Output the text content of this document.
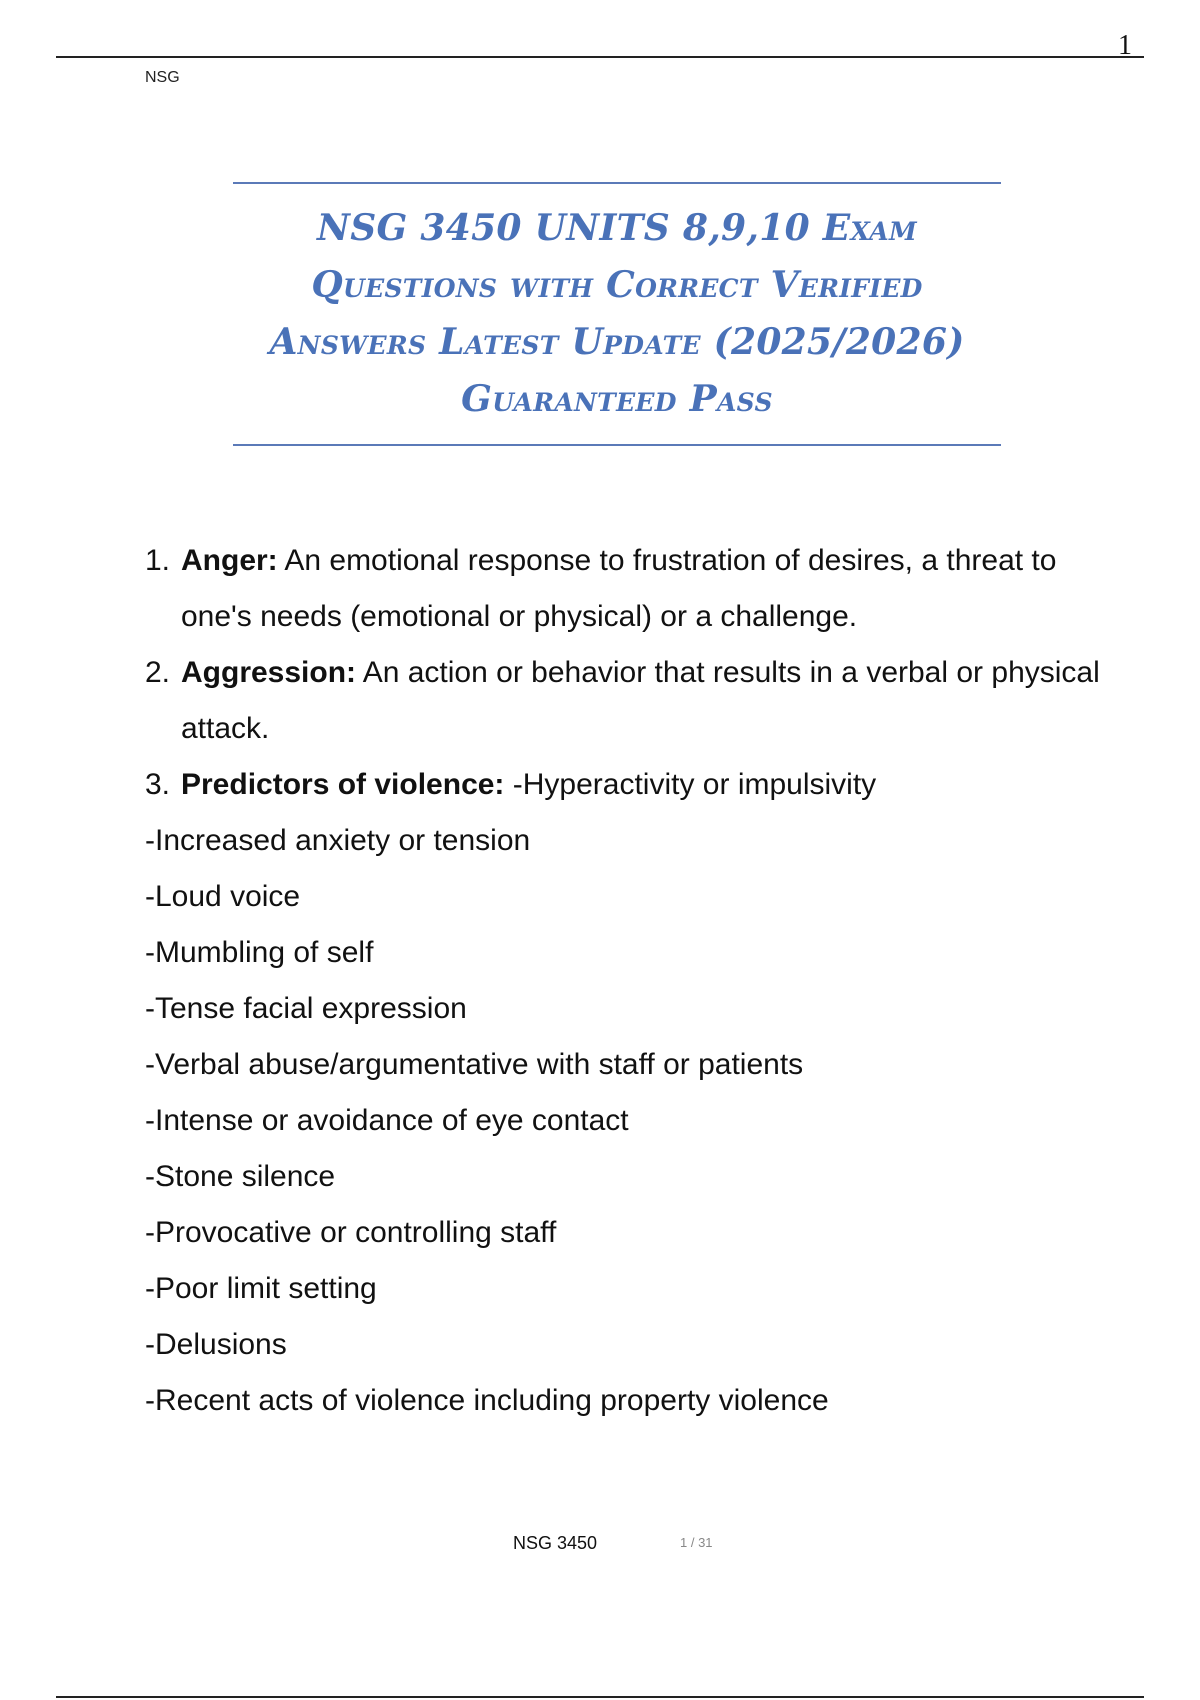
1
NSG
NSG 3450 UNITS 8,9,10 Exam
Questions with Correct Verified
Answers Latest Update (2025/2026)
Guaranteed Pass
1. Anger: An emotional response to frustration of desires, a threat to one's needs (emotional or physical) or a challenge.
2. Aggression: An action or behavior that results in a verbal or physical attack.
3. Predictors of violence: -Hyperactivity or impulsivity
-Increased anxiety or tension
-Loud voice
-Mumbling of self
-Tense facial expression
-Verbal abuse/argumentative with staff or patients
-Intense or avoidance of eye contact
-Stone silence
-Provocative or controlling staff
-Poor limit setting
-Delusions
-Recent acts of violence including property violence
NSG 3450	1 / 31
